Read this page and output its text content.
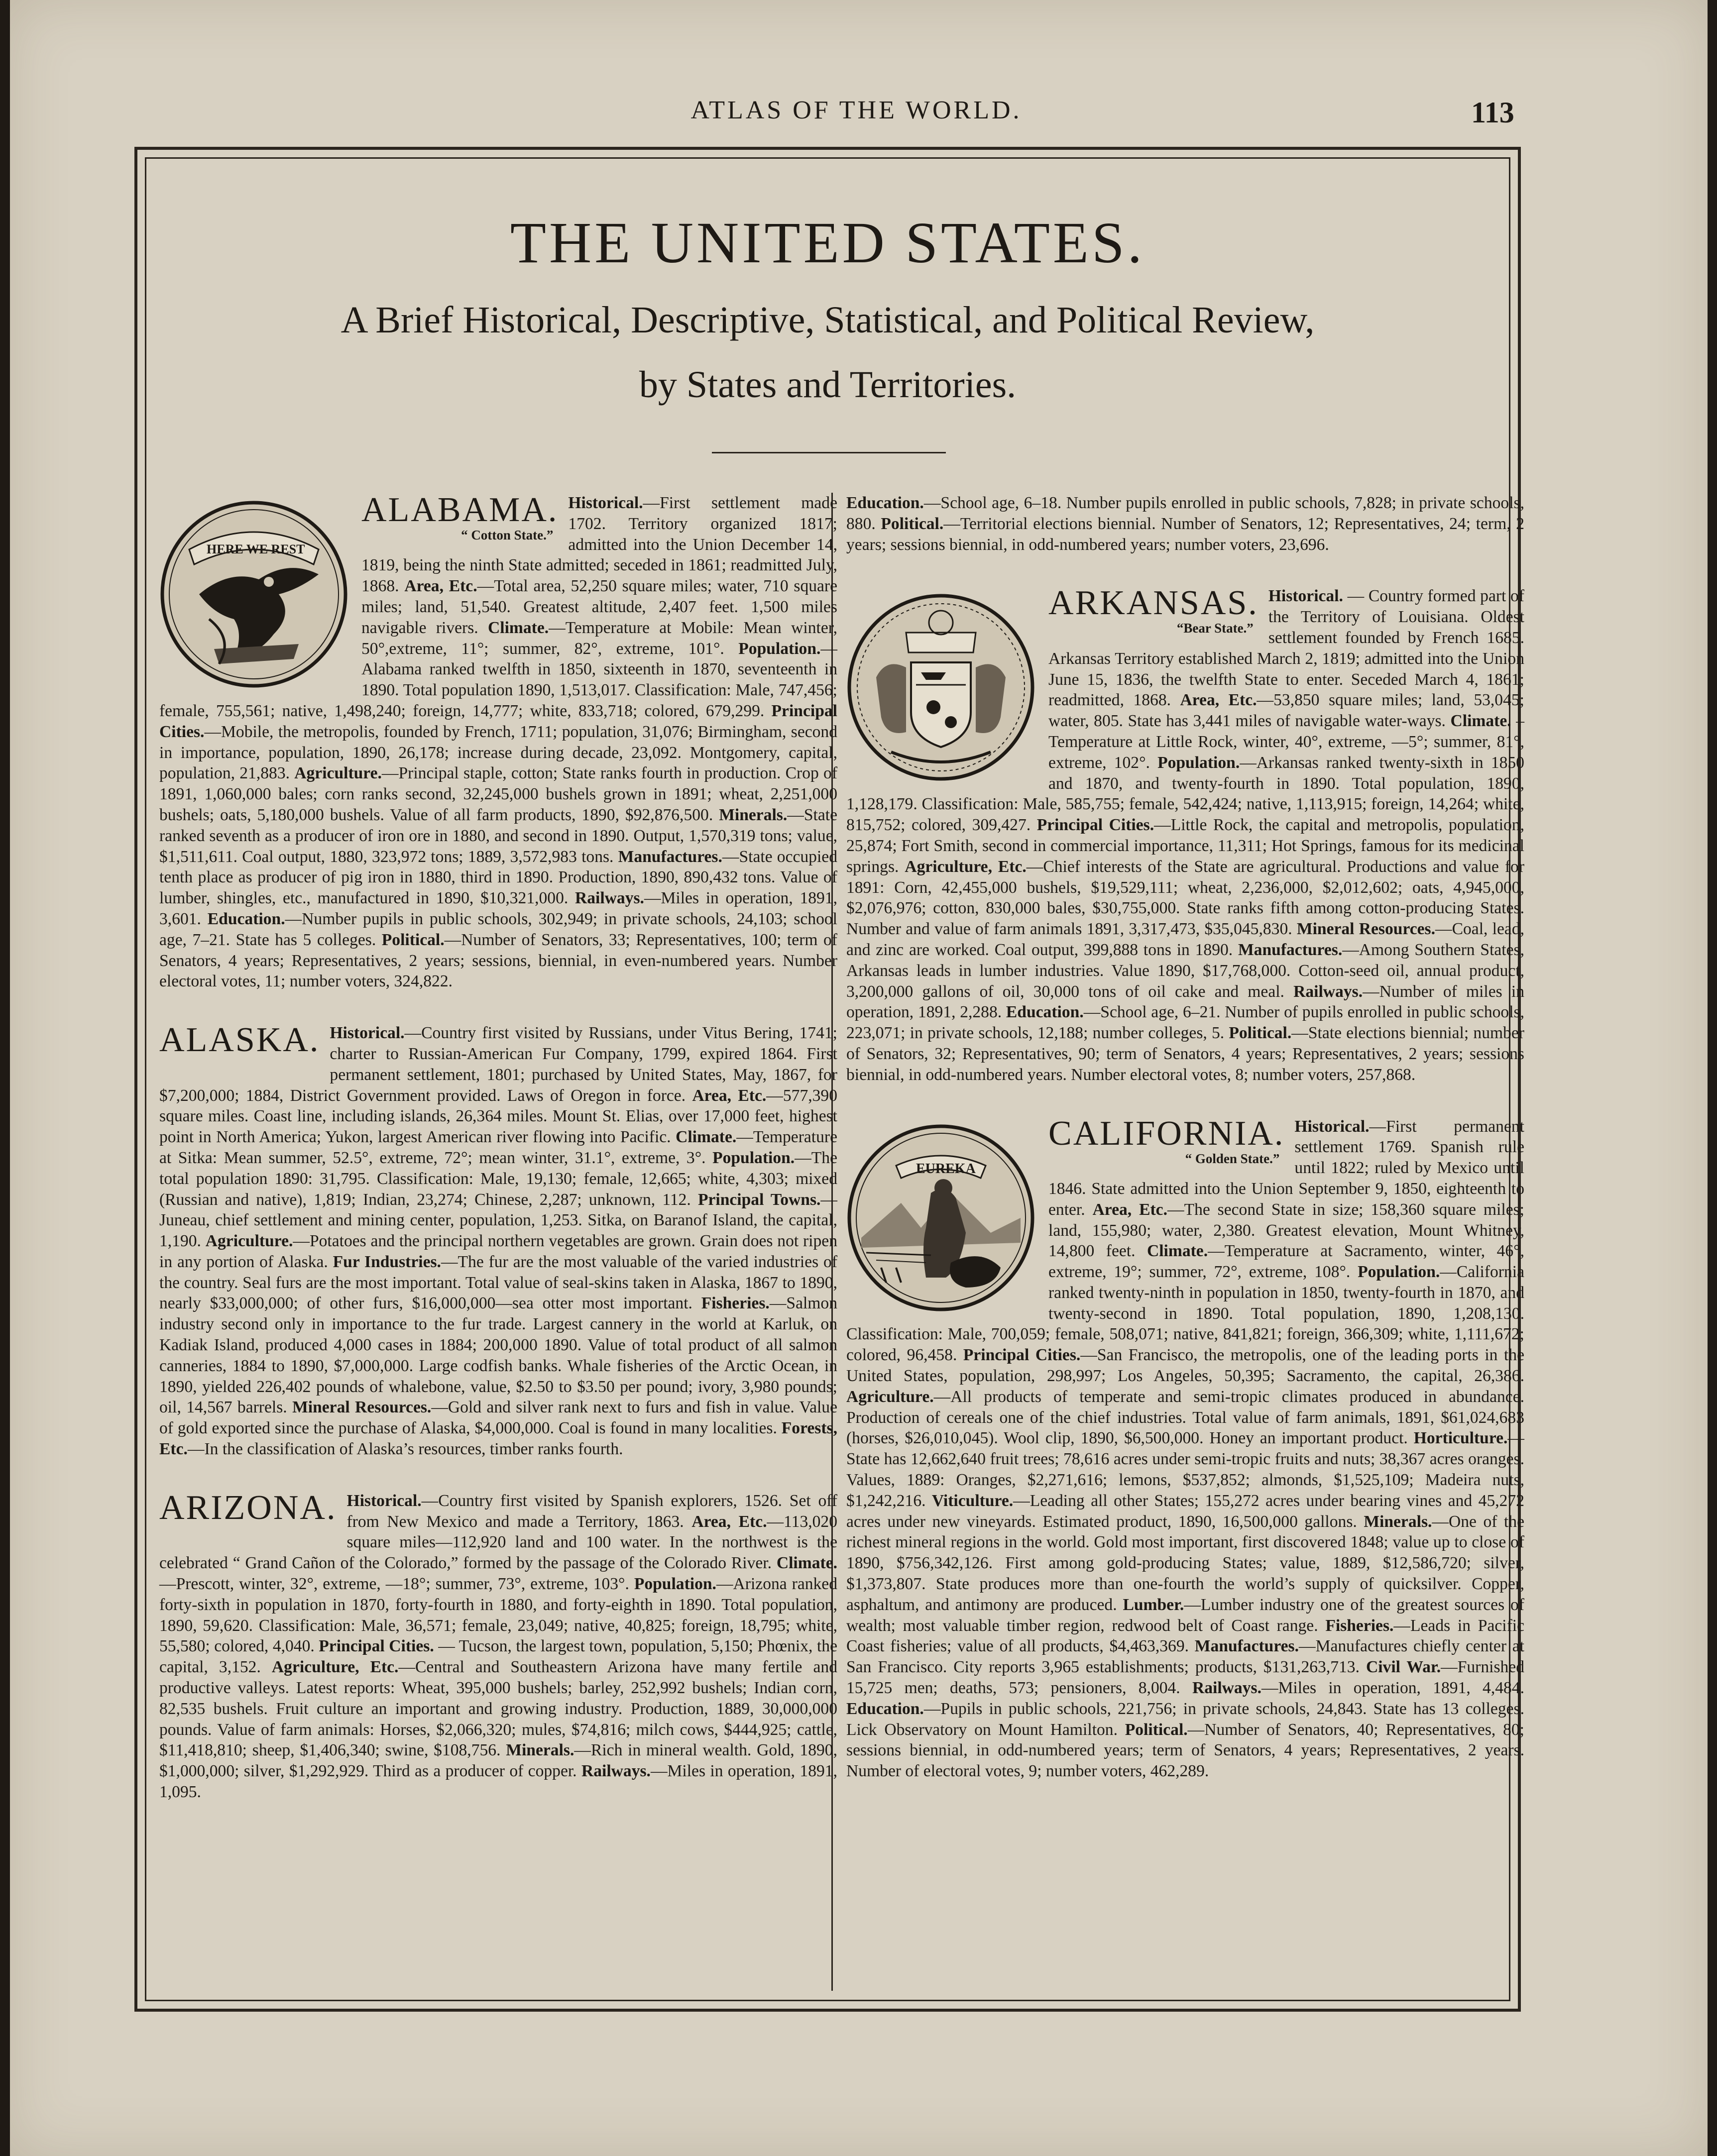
ATLAS OF THE WORLD.	113
THE UNITED STATES.
A Brief Historical, Descriptive, Statistical, and Political Review,
by States and Territories.
HERE WE REST
ALABAMA.
“ Cotton State.”

Historical.—First settlement made 1702. Territory organized 1817; admitted into the Union December 14, 1819, being the ninth State admitted; seceded in 1861; readmitted July, 1868. Area, Etc.—Total area, 52,250 square miles; water, 710 square miles; land, 51,540. Greatest altitude, 2,407 feet. 1,500 miles navigable rivers. Climate.—Temperature at Mobile: Mean winter, 50°,extreme, 11°; summer, 82°, extreme, 101°. Population.—Alabama ranked twelfth in 1850, sixteenth in 1870, seventeenth in 1890. Total population 1890, 1,513,017. Classification: Male, 747,456; female, 755,561; native, 1,498,240; foreign, 14,777; white, 833,718; colored, 679,299. Principal Cities.—Mobile, the metropolis, founded by French, 1711; population, 31,076; Birmingham, second in importance, population, 1890, 26,178; increase during decade, 23,092. Montgomery, capital, population, 21,883. Agriculture.—Principal staple, cotton; State ranks fourth in production. Crop of 1891, 1,060,000 bales; corn ranks second, 32,245,000 bushels grown in 1891; wheat, 2,251,000 bushels; oats, 5,180,000 bushels. Value of all farm products, 1890, $92,876,500. Minerals.—State ranked seventh as a producer of iron ore in 1880, and second in 1890. Output, 1,570,319 tons; value, $1,511,611. Coal output, 1880, 323,972 tons; 1889, 3,572,983 tons. Manufactures.—State occupied tenth place as producer of pig iron in 1880, third in 1890. Production, 1890, 890,432 tons. Value of lumber, shingles, etc., manufactured in 1890, $10,321,000. Railways.—Miles in operation, 1891, 3,601. Education.—Number pupils in public schools, 302,949; in private schools, 24,103; school age, 7–21. State has 5 colleges. Political.—Number of Senators, 33; Representatives, 100; term of Senators, 4 years; Representatives, 2 years; sessions, biennial, in even-numbered years. Number electoral votes, 11; number voters, 324,822.

ALASKA. Historical.—Country first visited by Russians, under Vitus Bering, 1741; charter to Russian-American Fur Company, 1799, expired 1864. First permanent settlement, 1801; purchased by United States, May, 1867, for $7,200,000; 1884, District Government provided. Laws of Oregon in force. Area, Etc.—577,390 square miles. Coast line, including islands, 26,364 miles. Mount St. Elias, over 17,000 feet, highest point in North America; Yukon, largest American river flowing into Pacific. Climate.—Temperature at Sitka: Mean summer, 52.5°, extreme, 72°; mean winter, 31.1°, extreme, 3°. Population.—The total population 1890: 31,795. Classification: Male, 19,130; female, 12,665; white, 4,303; mixed (Russian and native), 1,819; Indian, 23,274; Chinese, 2,287; unknown, 112. Principal Towns.—Juneau, chief settlement and mining center, population, 1,253. Sitka, on Baranof Island, the capital, 1,190. Agriculture.—Potatoes and the principal northern vegetables are grown. Grain does not ripen in any portion of Alaska. Fur Industries.—The fur are the most valuable of the varied industries of the country. Seal furs are the most important. Total value of seal-skins taken in Alaska, 1867 to 1890, nearly $33,000,000; of other furs, $16,000,000—sea otter most important. Fisheries.—Salmon industry second only in importance to the fur trade. Largest cannery in the world at Karluk, on Kadiak Island, produced 4,000 cases in 1884; 200,000 1890. Value of total product of all salmon canneries, 1884 to 1890, $7,000,000. Large codfish banks. Whale fisheries of the Arctic Ocean, in 1890, yielded 226,402 pounds of whalebone, value, $2.50 to $3.50 per pound; ivory, 3,980 pounds; oil, 14,567 barrels. Mineral Resources.—Gold and silver rank next to furs and fish in value. Value of gold exported since the purchase of Alaska, $4,000,000. Coal is found in many localities. Forests, Etc.—In the classification of Alaska’s resources, timber ranks fourth.

ARIZONA. Historical.—Country first visited by Spanish explorers, 1526. Set off from New Mexico and made a Territory, 1863. Area, Etc.—113,020 square miles—112,920 land and 100 water. In the northwest is the celebrated “ Grand Cañon of the Colorado,” formed by the passage of the Colorado River. Climate.—Prescott, winter, 32°, extreme, —18°; summer, 73°, extreme, 103°. Population.—Arizona ranked forty-sixth in population in 1870, forty-fourth in 1880, and forty-eighth in 1890. Total population, 1890, 59,620. Classification: Male, 36,571; female, 23,049; native, 40,825; foreign, 18,795; white, 55,580; colored, 4,040. Principal Cities. — Tucson, the largest town, population, 5,150; Phœnix, the capital, 3,152. Agriculture, Etc.—Central and Southeastern Arizona have many fertile and productive valleys. Latest reports: Wheat, 395,000 bushels; barley, 252,992 bushels; Indian corn, 82,535 bushels. Fruit culture an important and growing industry. Production, 1889, 30,000,000 pounds. Value of farm animals: Horses, $2,066,320; mules, $74,816; milch cows, $444,925; cattle, $11,418,810; sheep, $1,406,340; swine, $108,756. Minerals.—Rich in mineral wealth. Gold, 1890, $1,000,000; silver, $1,292,929. Third as a producer of copper. Railways.—Miles in operation, 1891, 1,095.

Education.—School age, 6–18. Number pupils enrolled in public schools, 7,828; in private schools, 880. Political.—Territorial elections biennial. Number of Senators, 12; Representatives, 24; term, 2 years; sessions biennial, in odd-numbered years; number voters, 23,696.

ARKANSAS.
“Bear State.”

Historical. — Country formed part of the Territory of Louisiana. Oldest settlement founded by French 1685. Arkansas Territory established March 2, 1819; admitted into the Union June 15, 1836, the twelfth State to enter. Seceded March 4, 1861; readmitted, 1868. Area, Etc.—53,850 square miles; land, 53,045; water, 805. State has 3,441 miles of navigable water-ways. Climate. –Temperature at Little Rock, winter, 40°, extreme, —5°; summer, 81°, extreme, 102°. Population.—Arkansas ranked twenty-sixth in 1850 and 1870, and twenty-fourth in 1890. Total population, 1890, 1,128,179. Classification: Male, 585,755; female, 542,424; native, 1,113,915; foreign, 14,264; white, 815,752; colored, 309,427. Principal Cities.—Little Rock, the capital and metropolis, population, 25,874; Fort Smith, second in commercial importance, 11,311; Hot Springs, famous for its medicinal springs. Agriculture, Etc.—Chief interests of the State are agricultural. Productions and value for 1891: Corn, 42,455,000 bushels, $19,529,111; wheat, 2,236,000, $2,012,602; oats, 4,945,000, $2,076,976; cotton, 830,000 bales, $30,755,000. State ranks fifth among cotton-producing States. Number and value of farm animals 1891, 3,317,473, $35,045,830. Mineral Resources.—Coal, lead, and zinc are worked. Coal output, 399,888 tons in 1890. Manufactures.—Among Southern States, Arkansas leads in lumber industries. Value 1890, $17,768,000. Cotton-seed oil, annual product, 3,200,000 gallons of oil, 30,000 tons of oil cake and meal. Railways.—Number of miles in operation, 1891, 2,288. Education.—School age, 6–21. Number of pupils enrolled in public schools, 223,071; in private schools, 12,188; number colleges, 5. Political.—State elections biennial; number of Senators, 32; Representatives, 90; term of Senators, 4 years; Representatives, 2 years; sessions biennial, in odd-numbered years. Number electoral votes, 8; number voters, 257,868.

EUREKA
CALIFORNIA.
“ Golden State.”

Historical.—First permanent settlement 1769. Spanish rule until 1822; ruled by Mexico until 1846. State admitted into the Union September 9, 1850, eighteenth to enter. Area, Etc.—The second State in size; 158,360 square miles; land, 155,980; water, 2,380. Greatest elevation, Mount Whitney, 14,800 feet. Climate.—Temperature at Sacramento, winter, 46°, extreme, 19°; summer, 72°, extreme, 108°. Population.—California ranked twenty-ninth in population in 1850, twenty-fourth in 1870, and twenty-second in 1890. Total population, 1890, 1,208,130. Classification: Male, 700,059; female, 508,071; native, 841,821; foreign, 366,309; white, 1,111,672; colored, 96,458. Principal Cities.—San Francisco, the metropolis, one of the leading ports in the United States, population, 298,997; Los Angeles, 50,395; Sacramento, the capital, 26,386. Agriculture.—All products of temperate and semi-tropic climates produced in abundance. Production of cereals one of the chief industries. Total value of farm animals, 1891, $61,024,683 (horses, $26,010,045). Wool clip, 1890, $6,500,000. Honey an important product. Horticulture.—State has 12,662,640 fruit trees; 78,616 acres under semi-tropic fruits and nuts; 38,367 acres oranges. Values, 1889: Oranges, $2,271,616; lemons, $537,852; almonds, $1,525,109; Madeira nuts, $1,242,216. Viticulture.—Leading all other States; 155,272 acres under bearing vines and 45,272 acres under new vineyards. Estimated product, 1890, 16,500,000 gallons. Minerals.—One of the richest mineral regions in the world. Gold most important, first discovered 1848; value up to close of 1890, $756,342,126. First among gold-producing States; value, 1889, $12,586,720; silver, $1,373,807. State produces more than one-fourth the world’s supply of quicksilver. Copper, asphaltum, and antimony are produced. Lumber.—Lumber industry one of the greatest sources of wealth; most valuable timber region, redwood belt of Coast range. Fisheries.—Leads in Pacific Coast fisheries; value of all products, $4,463,369. Manufactures.—Manufactures chiefly center at San Francisco. City reports 3,965 establishments; products, $131,263,713. Civil War.—Furnished 15,725 men; deaths, 573; pensioners, 8,004. Railways.—Miles in operation, 1891, 4,484. Education.—Pupils in public schools, 221,756; in private schools, 24,843. State has 13 colleges. Lick Observatory on Mount Hamilton. Political.—Number of Senators, 40; Representatives, 80; sessions biennial, in odd-numbered years; term of Senators, 4 years; Representatives, 2 years. Number of electoral votes, 9; number voters, 462,289.
